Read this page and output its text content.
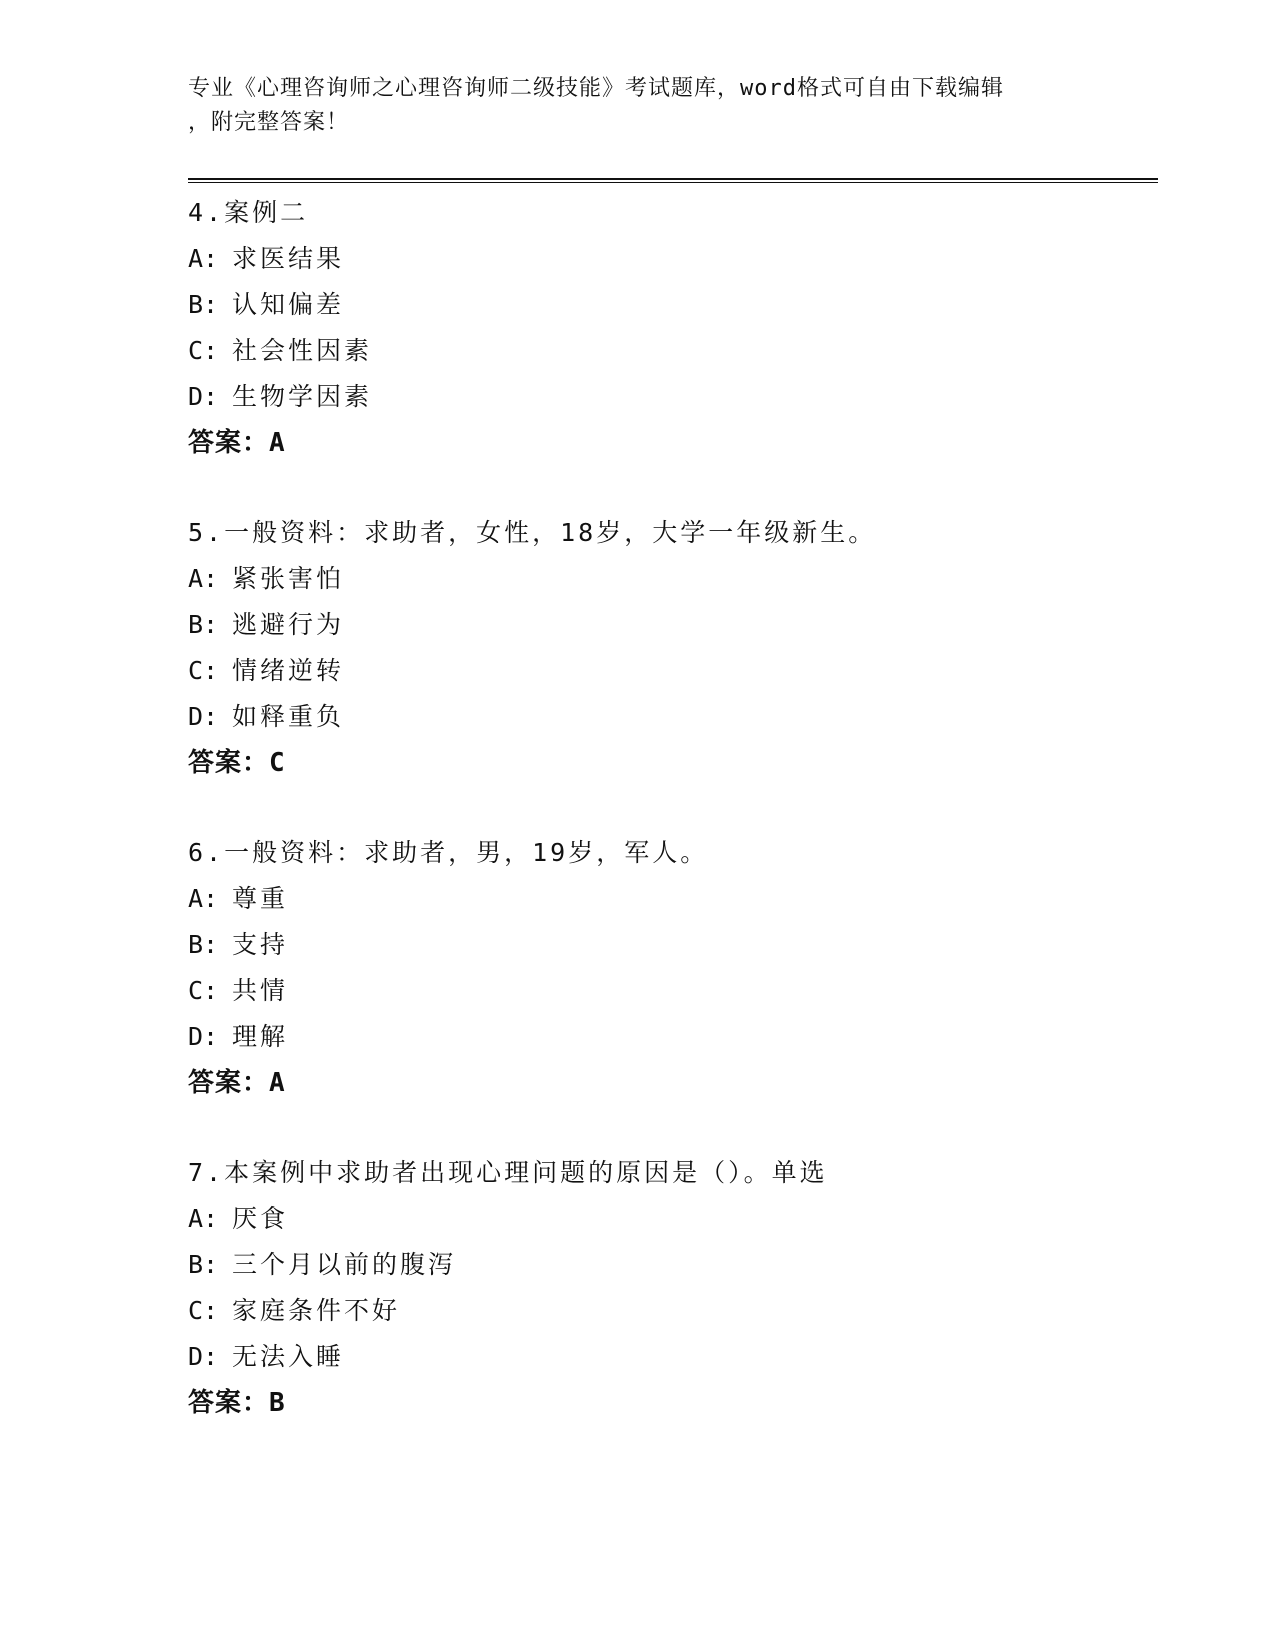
专业《心理咨询师之心理咨询师二级技能》考试题库，word格式可自由下载编辑
，附完整答案！
4.案例二
A: 求医结果
B: 认知偏差
C: 社会性因素
D: 生物学因素
答案：A
5.一般资料：求助者，女性，18岁，大学一年级新生。
A: 紧张害怕
B: 逃避行为
C: 情绪逆转
D: 如释重负
答案：C
6.一般资料：求助者，男，19岁，军人。
A: 尊重
B: 支持
C: 共情
D: 理解
答案：A
7.本案例中求助者出现心理问题的原因是（）。单选
A: 厌食
B: 三个月以前的腹泻
C: 家庭条件不好
D: 无法入睡
答案：B
